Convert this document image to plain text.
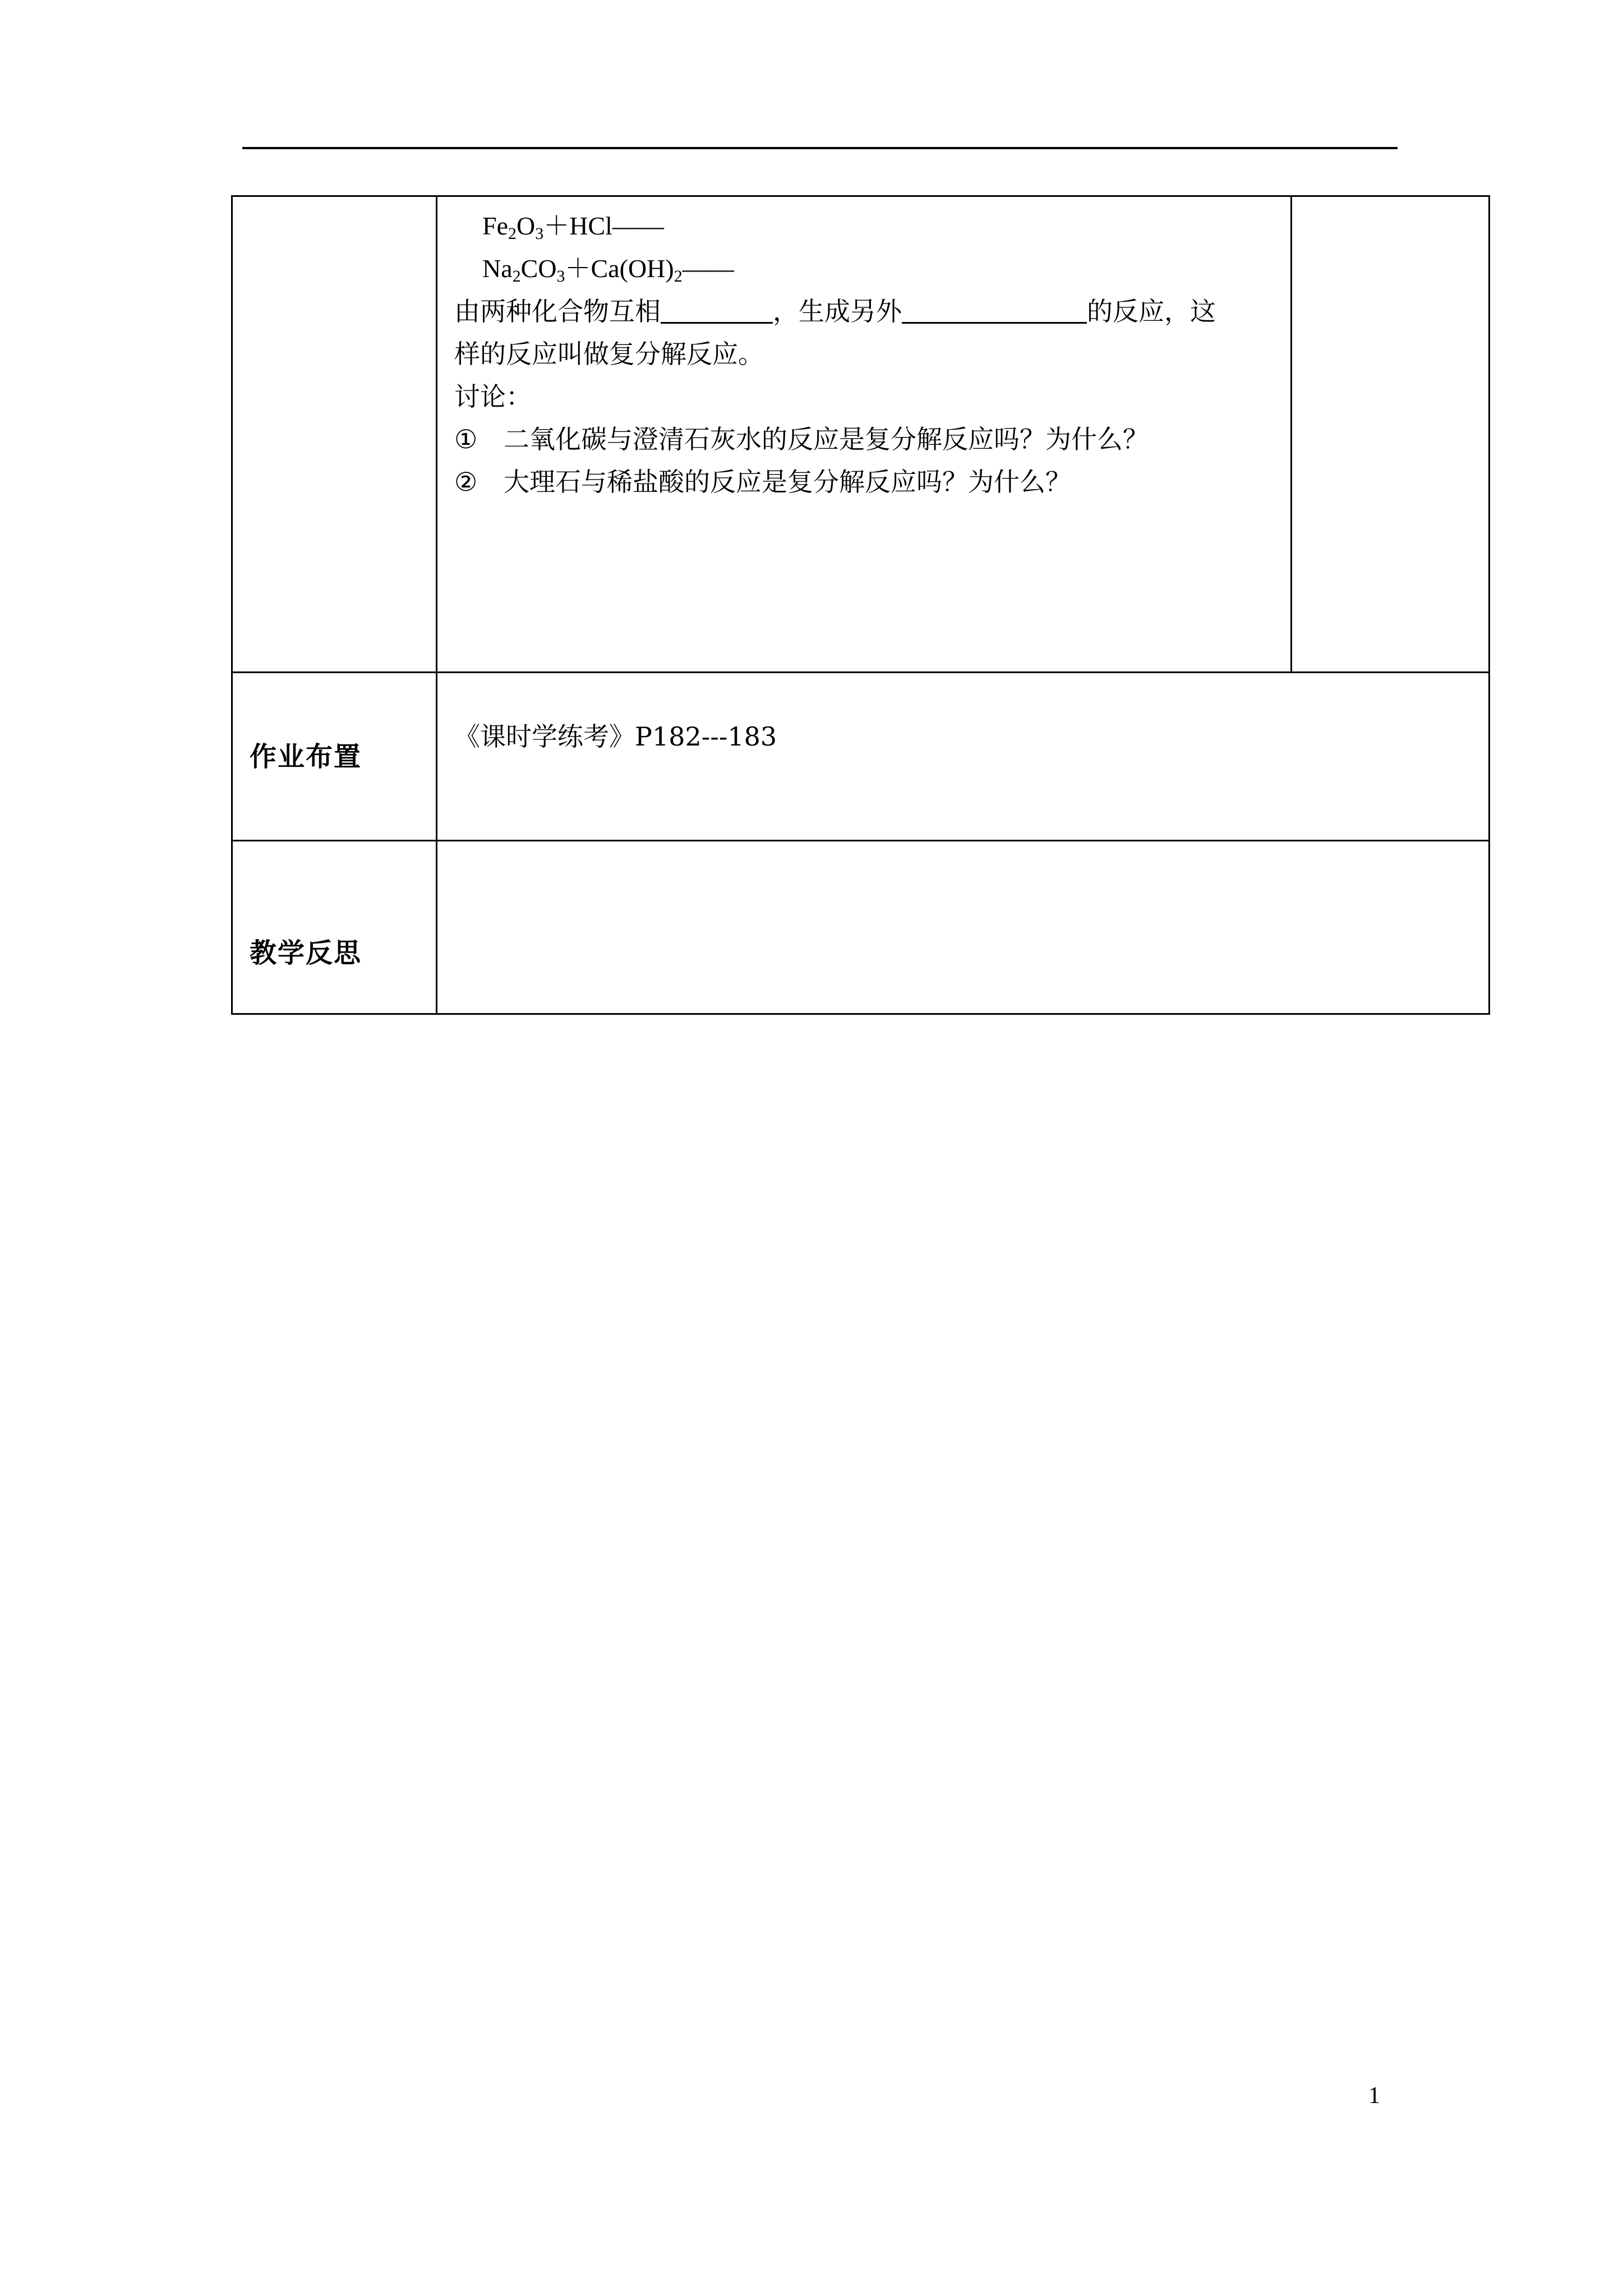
$Fe_2O_3+HCl——$
$Na_2CO_3+Ca(OH)_2——$
由两种化合物互相	，生成另外	的反应，这
样的反应叫做复分解反应。
讨论：
① 二氧化碳与澄清石灰水的反应是复分解反应吗？为什么？
② 大理石与稀盐酸的反应是复分解反应吗？为什么？
作业布置
《课时学练考》P182---183
教学反思
1
